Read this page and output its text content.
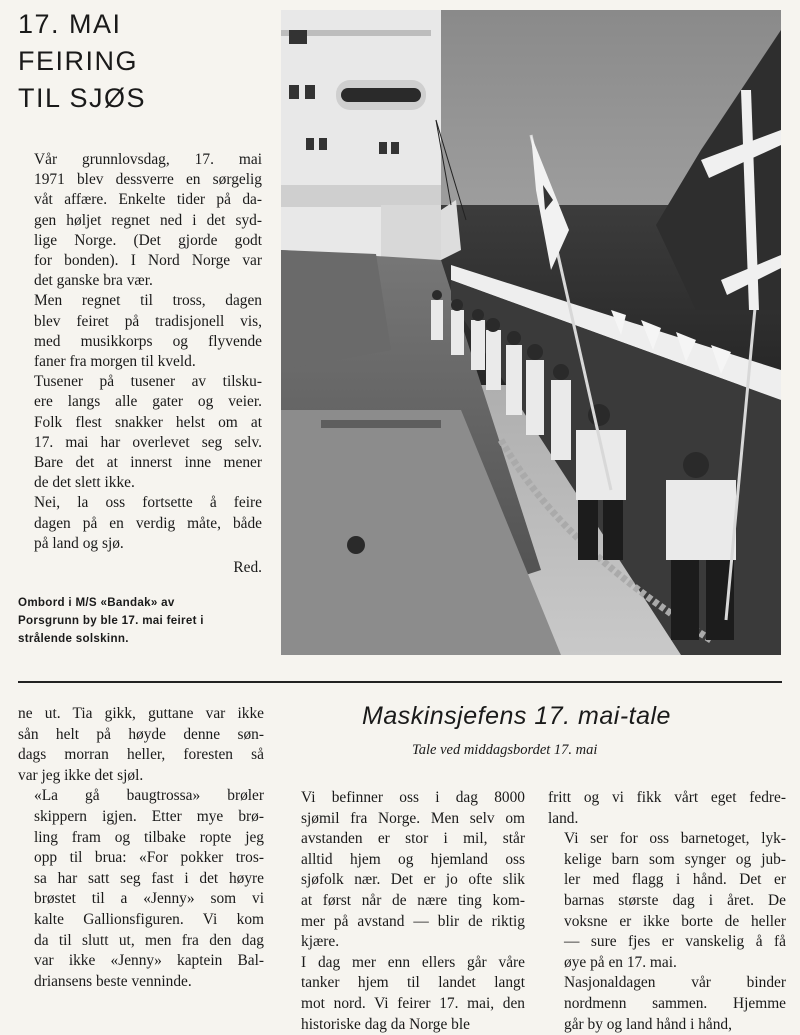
17. MAI
FEIRING
TIL SJØS

Vår grunnlovsdag, 17. mai
1971 blev dessverre en sørgelig
våt affære. Enkelte tider på da-
gen høljet regnet ned i det syd-
lige Norge. (Det gjorde godt
for bonden). I Nord Norge var
det ganske bra vær.

Men regnet til tross, dagen
blev feiret på tradisjonell vis,
med musikkorps og flyvende
faner fra morgen til kveld.

Tusener på tusener av tilsku-
ere langs alle gater og veier.
Folk flest snakker helst om at
17. mai har overlevet seg selv.
Bare det at innerst inne mener
de det slett ikke.

Nei, la oss fortsette å feire
dagen på en verdig måte, både
på land og sjø.

Red.
Ombord i M/S «Bandak» av
Porsgrunn by ble 17. mai feiret i
strålende solskinn.

ne ut. Tia gikk, guttane var ikke
sån helt på høyde denne søn-
dags morran heller, foresten så
var jeg ikke det sjøl.

«La gå baugtrossa» brøler
skippern igjen. Etter mye brø-
ling fram og tilbake ropte jeg
opp til brua: «For pokker tros-
sa har satt seg fast i det høyre
brøstet til a «Jenny» som vi
kalte Gallionsfiguren. Vi kom
da til slutt ut, men fra den dag
var ikke «Jenny» kaptein Bal-
driansens beste venninde.

Maskinsjefens 17. mai-tale
Tale ved middagsbordet 17. mai

Vi befinner oss i dag 8000
sjømil fra Norge. Men selv om
avstanden er stor i mil, står
alltid hjem og hjemland oss
sjøfolk nær. Det er jo ofte slik
at først når de nære ting kom-
mer på avstand — blir de riktig
kjære.

I dag mer enn ellers går våre
tanker hjem til landet langt
mot nord. Vi feirer 17. mai, den
historiske dag da Norge ble

fritt og vi fikk vårt eget fedre-
land.

Vi ser for oss barnetoget, lyk-
kelige barn som synger og jub-
ler med flagg i hånd. Det er
barnas største dag i året. De
voksne er ikke borte de heller
— sure fjes er vanskelig å få
øye på en 17. mai.

Nasjonaldagen vår binder
nordmenn sammen. Hjemme
går by og land hånd i hånd,
